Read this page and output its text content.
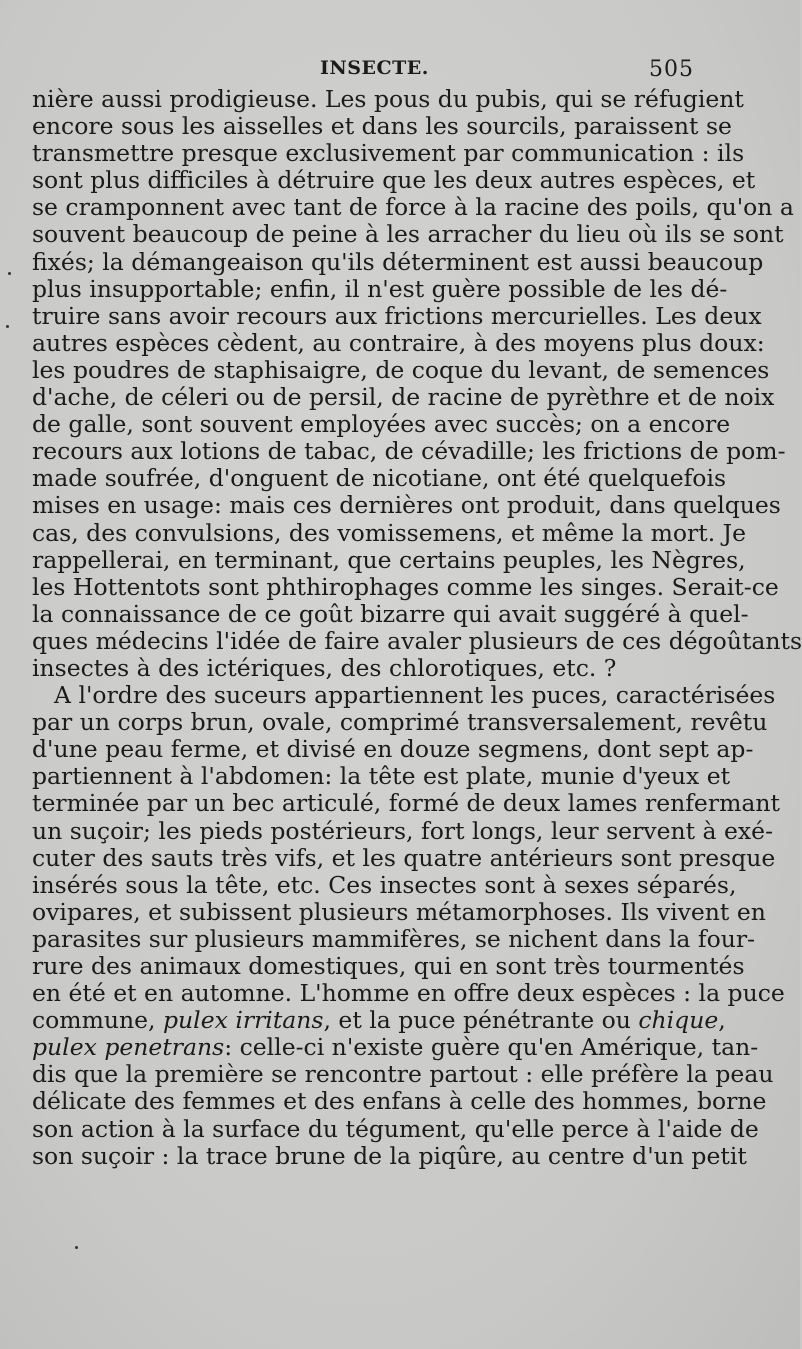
INSECTE.	505
nière aussi prodigieuse. Les pous du pubis, qui se réfugient
encore sous les aisselles et dans les sourcils, paraissent se
transmettre presque exclusivement par communication : ils
sont plus difficiles à détruire que les deux autres espèces, et
se cramponnent avec tant de force à la racine des poils, qu'on a
souvent beaucoup de peine à les arracher du lieu où ils se sont
fixés; la démangeaison qu'ils déterminent est aussi beaucoup
plus insupportable; enfin, il n'est guère possible de les dé-
truire sans avoir recours aux frictions mercurielles. Les deux
autres espèces cèdent, au contraire, à des moyens plus doux:
les poudres de staphisaigre, de coque du levant, de semences
d'ache, de céleri ou de persil, de racine de pyrèthre et de noix
de galle, sont souvent employées avec succès; on a encore
recours aux lotions de tabac, de cévadille; les frictions de pom-
made soufrée, d'onguent de nicotiane, ont été quelquefois
mises en usage: mais ces dernières ont produit, dans quelques
cas, des convulsions, des vomissemens, et même la mort. Je
rappellerai, en terminant, que certains peuples, les Nègres,
les Hottentots sont phthirophages comme les singes. Serait-ce
la connaissance de ce goût bizarre qui avait suggéré à quel-
ques médecins l'idée de faire avaler plusieurs de ces dégoûtants
insectes à des ictériques, des chlorotiques, etc. ?
A l'ordre des suceurs appartiennent les puces, caractérisées
par un corps brun, ovale, comprimé transversalement, revêtu
d'une peau ferme, et divisé en douze segmens, dont sept ap-
partiennent à l'abdomen: la tête est plate, munie d'yeux et
terminée par un bec articulé, formé de deux lames renfermant
un suçoir; les pieds postérieurs, fort longs, leur servent à exé-
cuter des sauts très vifs, et les quatre antérieurs sont presque
insérés sous la tête, etc. Ces insectes sont à sexes séparés,
ovipares, et subissent plusieurs métamorphoses. Ils vivent en
parasites sur plusieurs mammifères, se nichent dans la four-
rure des animaux domestiques, qui en sont très tourmentés
en été et en automne. L'homme en offre deux espèces : la puce
commune, pulex irritans, et la puce pénétrante ou chique,
pulex penetrans: celle-ci n'existe guère qu'en Amérique, tan-
dis que la première se rencontre partout : elle préfère la peau
délicate des femmes et des enfans à celle des hommes, borne
son action à la surface du tégument, qu'elle perce à l'aide de
son suçoir : la trace brune de la piqûre, au centre d'un petit
